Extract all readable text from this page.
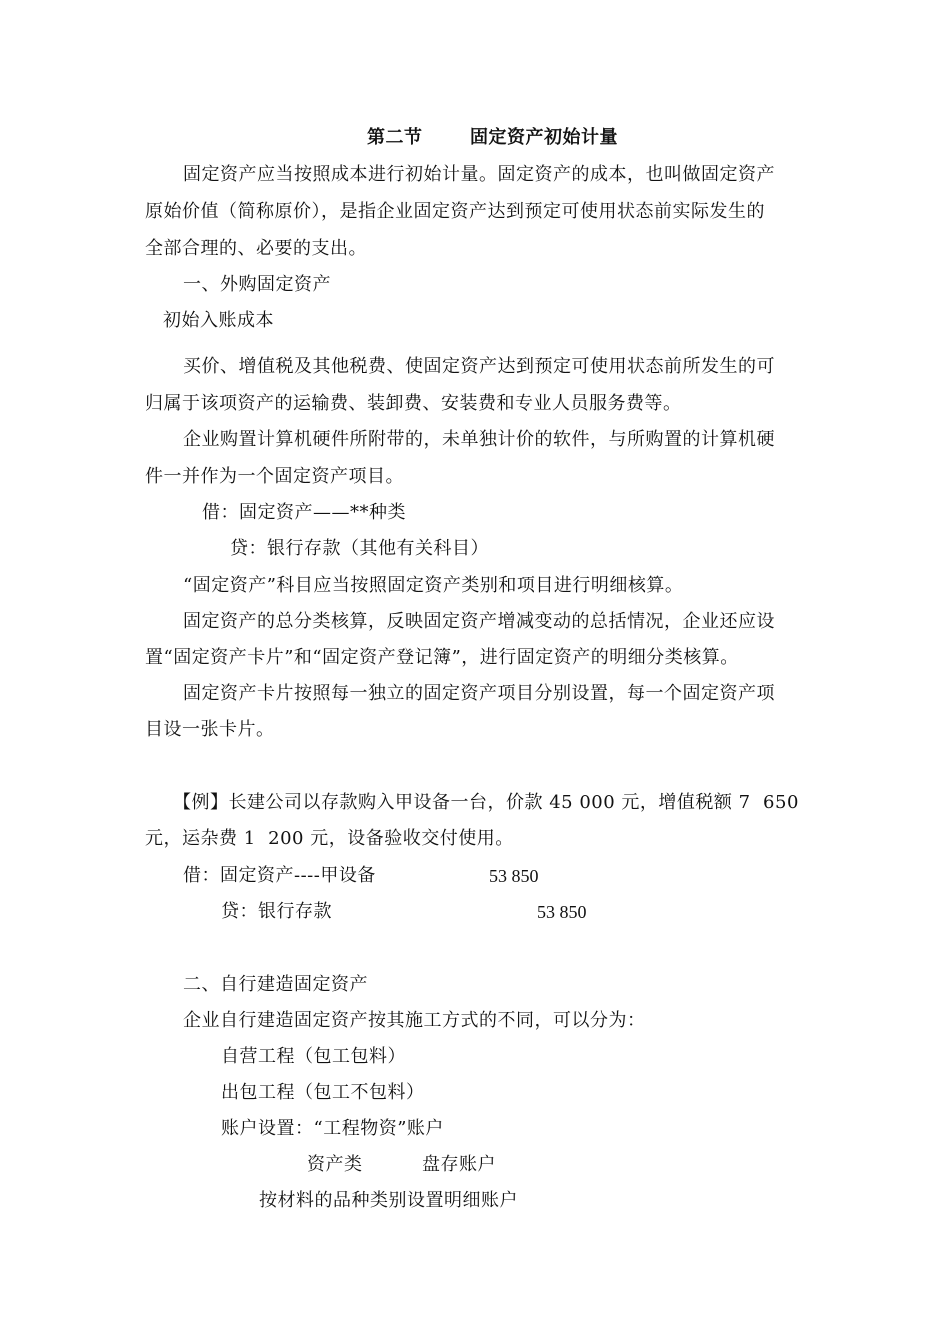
第二节	固定资产初始计量
固定资产应当按照成本进行初始计量。固定资产的成本，也叫做固定资产
原始价值（简称原价），是指企业固定资产达到预定可使用状态前实际发生的
全部合理的、必要的支出。
一、外购固定资产
初始入账成本
买价、增值税及其他税费、使固定资产达到预定可使用状态前所发生的可
归属于该项资产的运输费、装卸费、安装费和专业人员服务费等。
企业购置计算机硬件所附带的，未单独计价的软件，与所购置的计算机硬
件一并作为一个固定资产项目。
借：固定资产——**种类
贷：银行存款（其他有关科目）
“固定资产”科目应当按照固定资产类别和项目进行明细核算。
固定资产的总分类核算，反映固定资产增减变动的总括情况，企业还应设
置“固定资产卡片”和“固定资产登记簿”，进行固定资产的明细分类核算。
固定资产卡片按照每一独立的固定资产项目分别设置，每一个固定资产项
目设一张卡片。
【例】长建公司以存款购入甲设备一台，价款 45 000 元，增值税额 7  650
元，运杂费 1  200 元，设备验收交付使用。
借：固定资产----甲设备	53 850
贷：银行存款	53 850
二、自行建造固定资产
企业自行建造固定资产按其施工方式的不同，可以分为：
自营工程（包工包料）
出包工程（包工不包料）
账户设置：“工程物资”账户
资产类	盘存账户
按材料的品种类别设置明细账户
